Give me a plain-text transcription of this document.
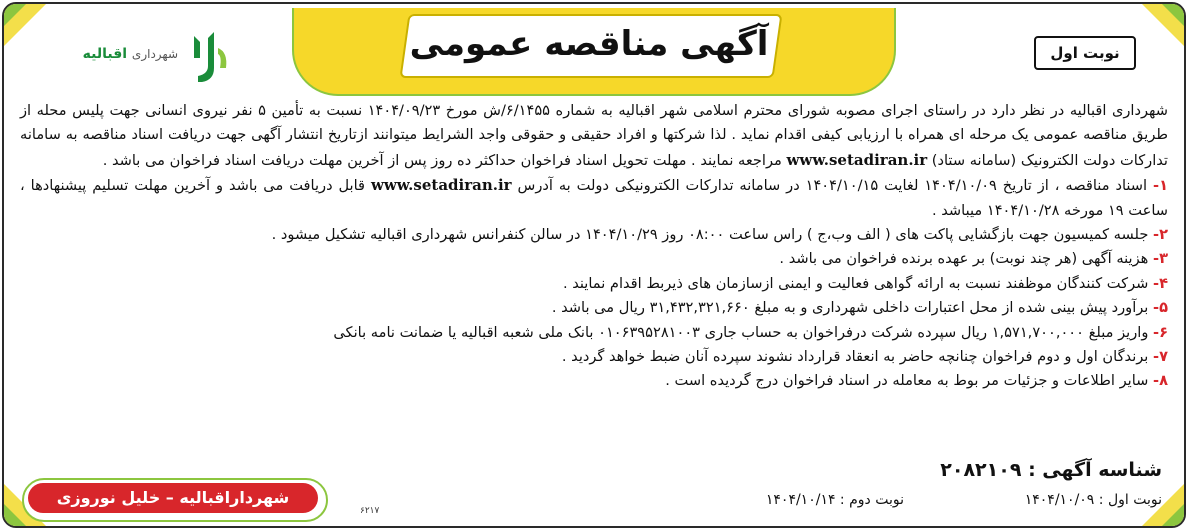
آگهی مناقصه عمومی
شهرداری اقبالیه	نوبت اول

شهرداری اقبالیه در نظر دارد در راستای اجرای مصوبه شورای محترم اسلامی شهر اقبالیه به شماره ۶/۱۴۵۵/ش مورخ ۱۴۰۴/۰۹/۲۳ نسبت به تأمین ۵ نفر نیروی انسانی جهت پلیس محله از طریق مناقصه عمومی یک مرحله ای همراه با ارزیابی کیفی اقدام نماید . لذا شرکتها و افراد حقیقی و حقوقی واجد الشرایط میتوانند ازتاریخ انتشار آگهی جهت دریافت اسناد مناقصه به سامانه تدارکات دولت الکترونیک (سامانه ستاد) www.setadiran.ir مراجعه نمایند . مهلت تحویل اسناد فراخوان حداکثر ده روز پس از آخرین مهلت دریافت اسناد فراخوان می باشد .

۱- اسناد مناقصه ، از تاریخ ۱۴۰۴/۱۰/۰۹ لغایت ۱۴۰۴/۱۰/۱۵ در سامانه تدارکات الکترونیکی دولت به آدرس www.setadiran.ir قابل دریافت می باشد و آخرین مهلت تسلیم پیشنهادها ، ساعت ۱۹ مورخه ۱۴۰۴/۱۰/۲۸ میباشد .

۲- جلسه کمیسیون جهت بازگشایی پاکت های ( الف وب،ج ) راس ساعت ۰۸:۰۰ روز ۱۴۰۴/۱۰/۲۹ در سالن کنفرانس شهرداری اقبالیه تشکیل میشود .

۳- هزینه آگهی (هر چند نوبت) بر عهده برنده فراخوان می باشد .

۴- شرکت کنندگان موظفند نسبت به ارائه گواهی فعالیت و ایمنی ازسازمان های ذیربط اقدام نمایند .

۵- برآورد پیش بینی شده از محل اعتبارات داخلی شهرداری و به مبلغ ۳۱,۴۳۲,۳۲۱,۶۶۰ ریال می باشد .

۶- واریز مبلغ ۱,۵۷۱,۷۰۰,۰۰۰ ریال سپرده شرکت درفراخوان به حساب جاری ۰۱۰۶۳۹۵۲۸۱۰۰۳ بانک ملی شعبه اقبالیه یا ضمانت نامه بانکی

۷- برندگان اول و دوم فراخوان چنانچه حاضر به انعقاد قرارداد نشوند سپرده آنان ضبط خواهد گردید .

۸- سایر اطلاعات و جزئیات مر بوط به معامله در اسناد فراخوان درج گردیده است .

شناسه آگهی : ۲۰۸۲۱۰۹
نوبت اول : ۱۴۰۴/۱۰/۰۹
نوبت دوم : ۱۴۰۴/۱۰/۱۴
۶۲۱۷
شهرداراقبالیه – خلیل نوروزی
